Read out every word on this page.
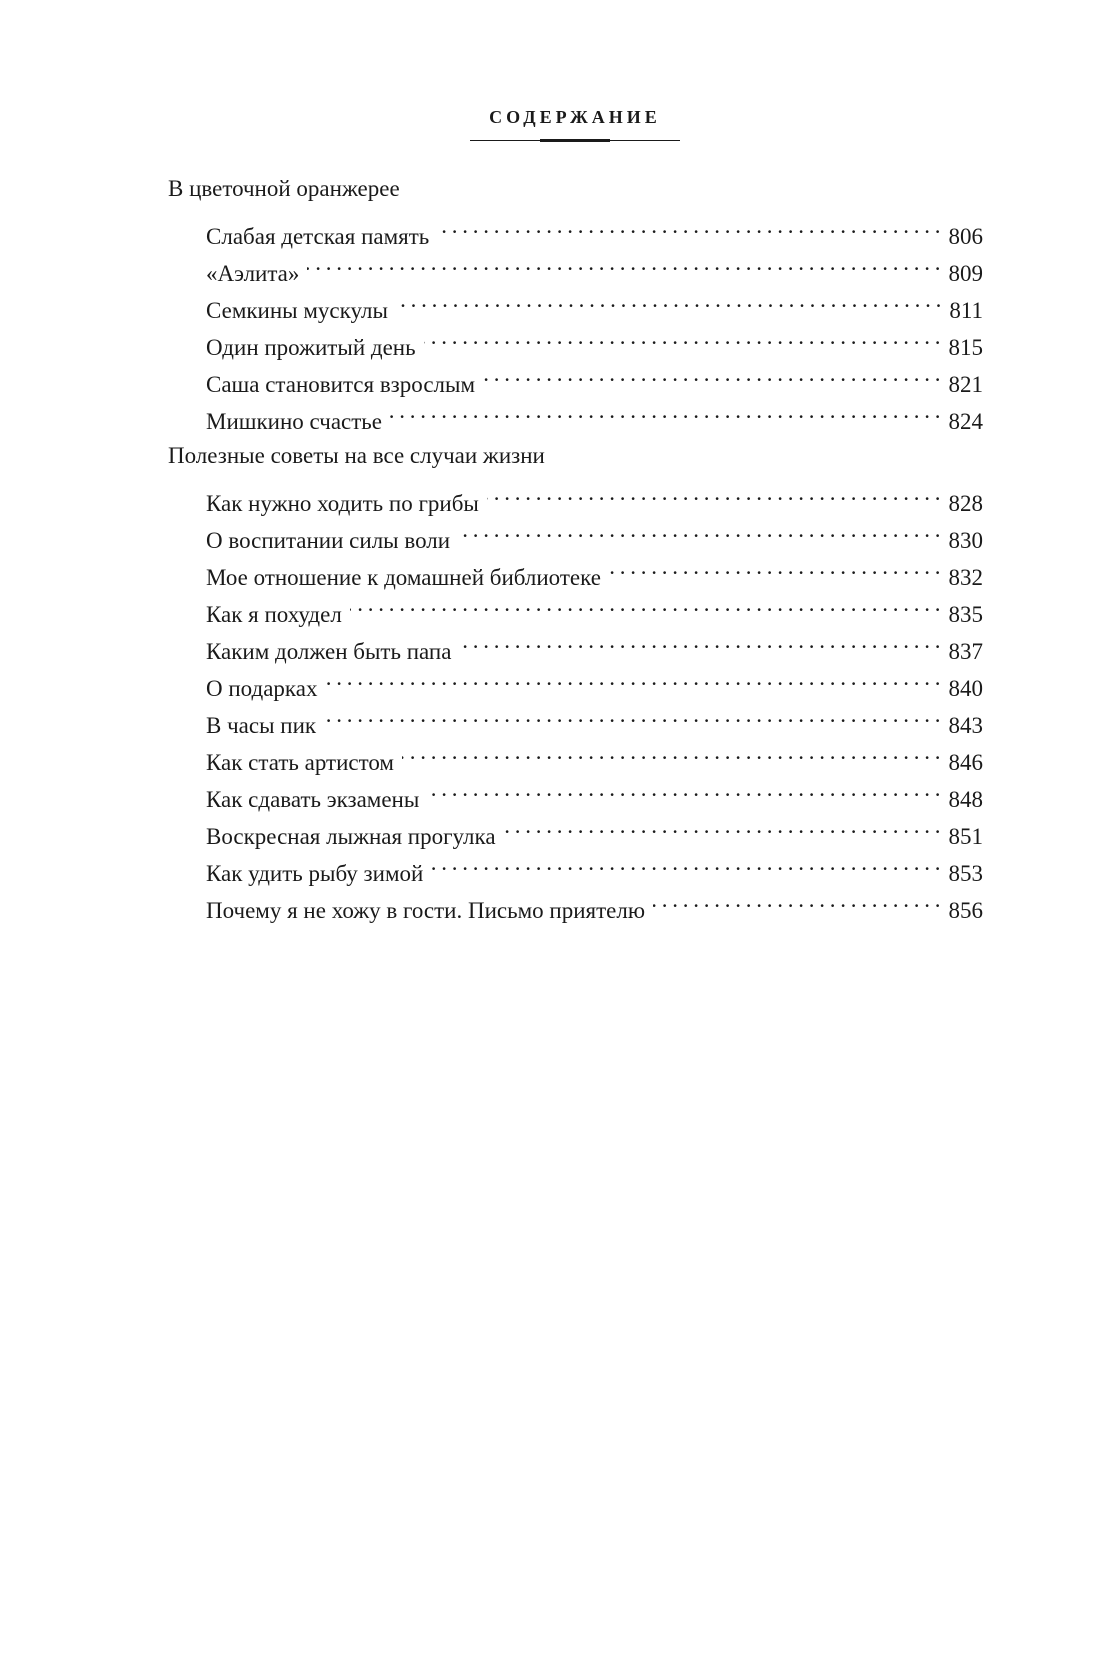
СОДЕРЖАНИЕ
В цветочной оранжерее
Слабая детская память . . .	806
«Аэлита» . . .	809
Семкины мускулы . . .	811
Один прожитый день . . .	815
Саша становится взрослым . . .	821
Мишкино счастье . . .	824
Полезные советы на все случаи жизни
Как нужно ходить по грибы . . .	828
О воспитании силы воли . . .	830
Мое отношение к домашней библиотеке . . .	832
Как я похудел . . .	835
Каким должен быть папа . . .	837
О подарках . . .	840
В часы пик . . .	843
Как стать артистом . . .	846
Как сдавать экзамены . . .	848
Воскресная лыжная прогулка . . .	851
Как удить рыбу зимой . . .	853
Почему я не хожу в гости. Письмо приятелю . . .	856
